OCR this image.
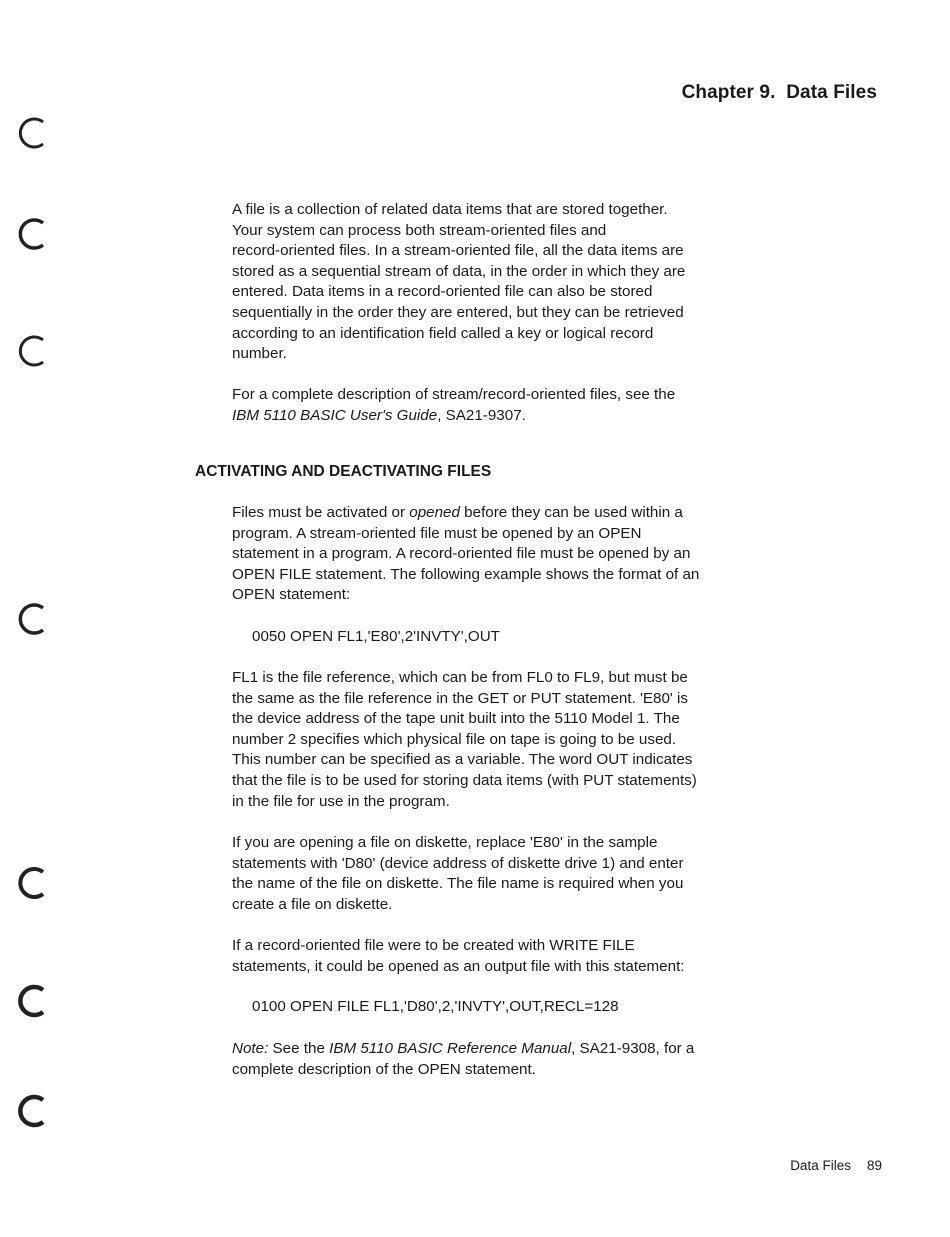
Chapter 9.  Data Files

A file is a collection of related data items that are stored together.
Your system can process both stream-oriented files and
record-oriented files. In a stream-oriented file, all the data items are
stored as a sequential stream of data, in the order in which they are
entered. Data items in a record-oriented file can also be stored
sequentially in the order they are entered, but they can be retrieved
according to an identification field called a key or logical record
number.

For a complete description of stream/record-oriented files, see the
IBM 5110 BASIC User's Guide, SA21-9307.

ACTIVATING AND DEACTIVATING FILES

Files must be activated or opened before they can be used within a
program. A stream-oriented file must be opened by an OPEN
statement in a program. A record-oriented file must be opened by an
OPEN FILE statement. The following example shows the format of an
OPEN statement:

0050 OPEN FL1,'E80',2'INVTY',OUT

FL1 is the file reference, which can be from FL0 to FL9, but must be
the same as the file reference in the GET or PUT statement. 'E80' is
the device address of the tape unit built into the 5110 Model 1. The
number 2 specifies which physical file on tape is going to be used.
This number can be specified as a variable. The word OUT indicates
that the file is to be used for storing data items (with PUT statements)
in the file for use in the program.

If you are opening a file on diskette, replace 'E80' in the sample
statements with 'D80' (device address of diskette drive 1) and enter
the name of the file on diskette. The file name is required when you
create a file on diskette.

If a record-oriented file were to be created with WRITE FILE
statements, it could be opened as an output file with this statement:

0100 OPEN FILE FL1,'D80',2,'INVTY',OUT,RECL=128

Note: See the IBM 5110 BASIC Reference Manual, SA21-9308, for a
complete description of the OPEN statement.

Data Files 89
